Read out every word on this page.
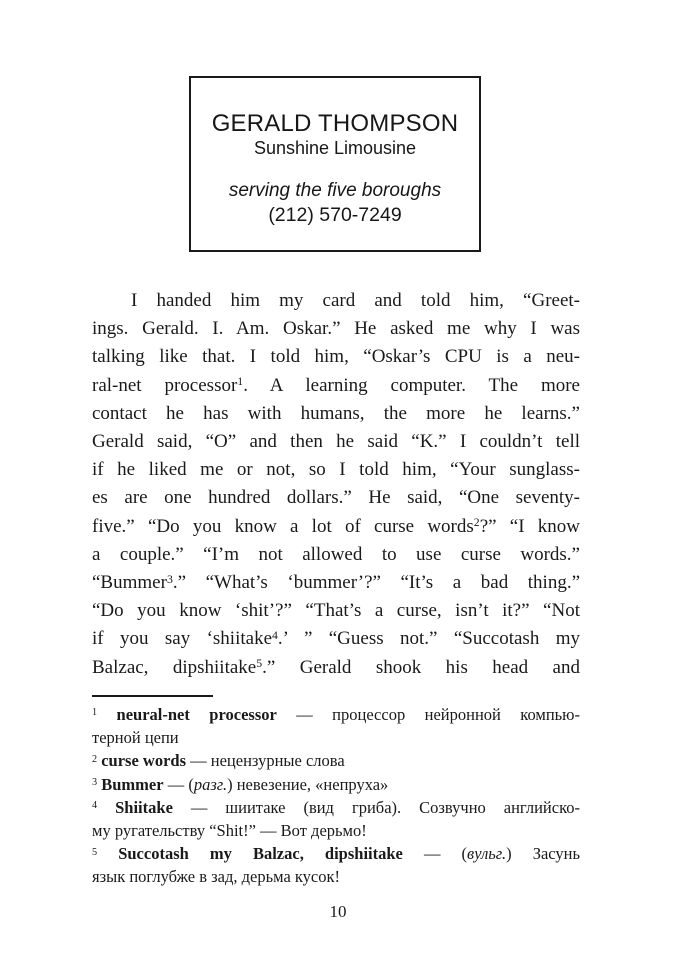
GERALD THOMPSON
Sunshine Limousine
serving the five boroughs
(212) 570-7249
I handed him my card and told him, “Greet-
ings. Gerald. I. Am. Oskar.” He asked me why I was
talking like that. I told him, “Oskar’s CPU is a neu-
ral-net processor$^1$. A learning computer. The more
contact he has with humans, the more he learns.”
Gerald said, “O” and then he said “K.” I couldn’t tell
if he liked me or not, so I told him, “Your sunglass-
es are one hundred dollars.” He said, “One seventy-
five.” “Do you know a lot of curse words$^2$?” “I know
a couple.” “I’m not allowed to use curse words.”
“Bummer$^3$.” “What’s ‘bummer’?” “It’s a bad thing.”
“Do you know ‘shit’?” “That’s a curse, isn’t it?” “Not
if you say ‘shiitake$^4$.’ ” “Guess not.” “Succotash my
Balzac, dipshiitake$^5$.” Gerald shook his head and
$^1$ neural-net processor — процессор нейронной компью-
терной цепи
$^2$ curse words — нецензурные слова
$^3$ Bummer — (разг.) невезение, «непруха»
$^4$ Shiitake — шиитаке (вид гриба). Созвучно английско-
му ругательству “Shit!” — Вот дерьмо!
$^5$ Succotash my Balzac, dipshiitake — (вульг.) Засунь
язык поглубже в зад, дерьма кусок!
10
